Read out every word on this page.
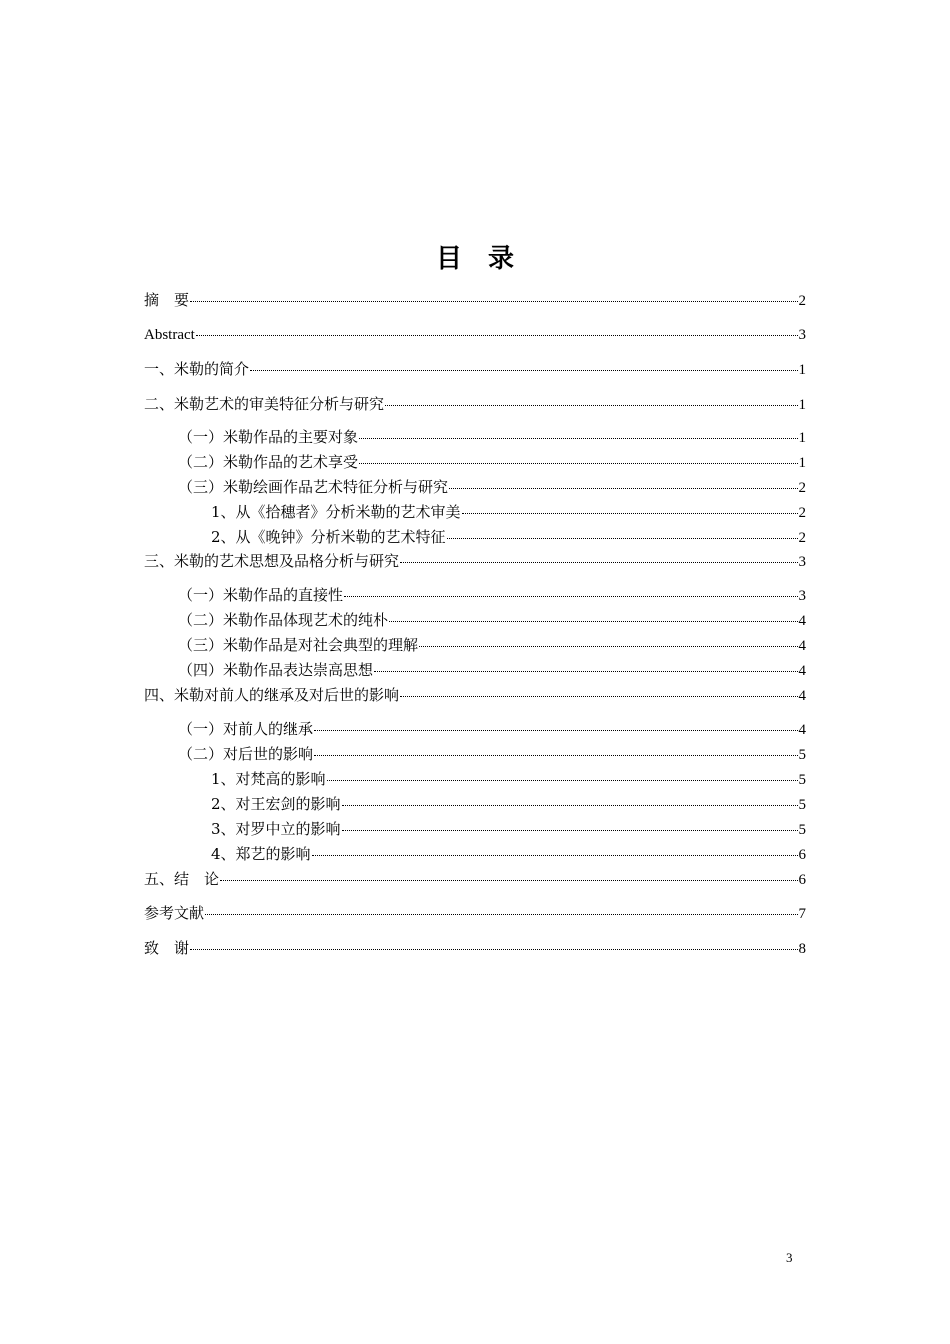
目　录
摘　要	2
Abstract	3
一、米勒的简介	1
二、米勒艺术的审美特征分析与研究	1
（一）米勒作品的主要对象	1
（二）米勒作品的艺术享受	1
（三）米勒绘画作品艺术特征分析与研究	2
1、从《拾穗者》分析米勒的艺术审美	2
2、从《晚钟》分析米勒的艺术特征	2
三、米勒的艺术思想及品格分析与研究	3
（一）米勒作品的直接性	3
（二）米勒作品体现艺术的纯朴	4
（三）米勒作品是对社会典型的理解	4
（四）米勒作品表达崇高思想	4
四、米勒对前人的继承及对后世的影响	4
（一）对前人的继承	4
（二）对后世的影响	5
1、对梵高的影响	5
2、对王宏剑的影响	5
3、对罗中立的影响	5
4、郑艺的影响	6
五、结　论	6
参考文献	7
致　谢	8
3
